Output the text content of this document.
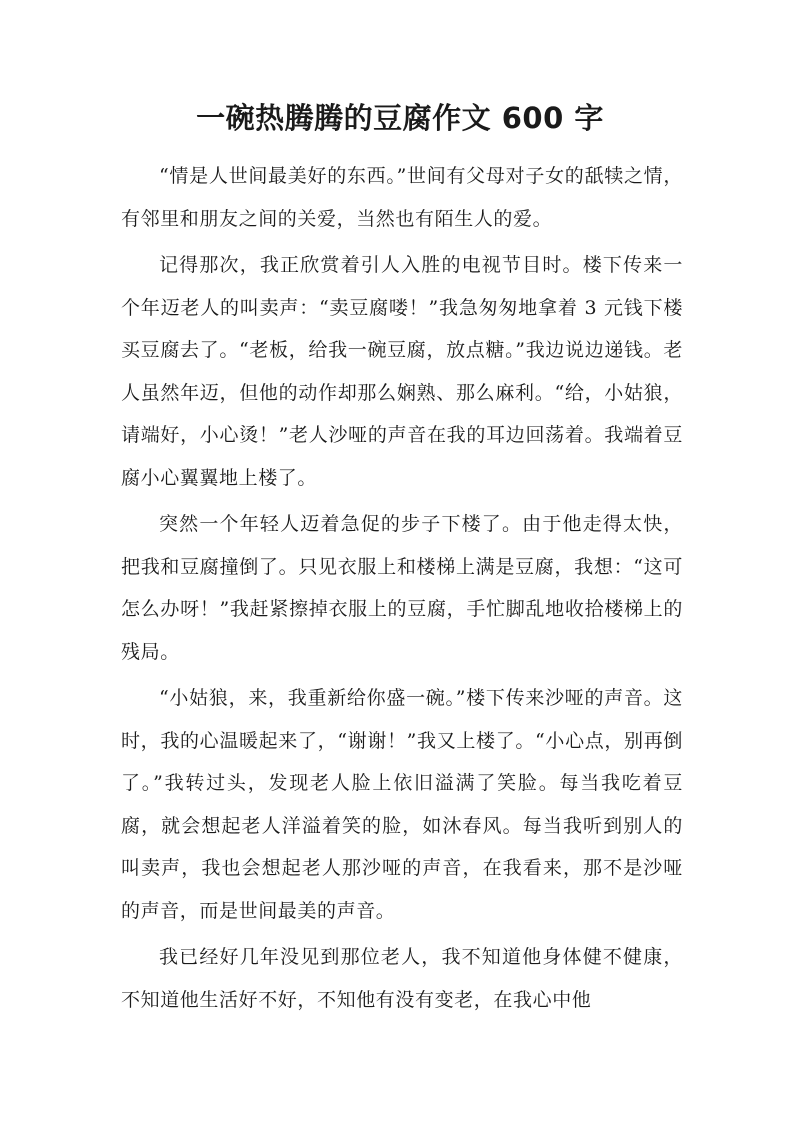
一碗热腾腾的豆腐作文 600 字

“情是人世间最美好的东西。”世间有父母对子女的舐犊之情，有邻里和朋友之间的关爱，当然也有陌生人的爱。

记得那次，我正欣赏着引人入胜的电视节目时。楼下传来一个年迈老人的叫卖声：“卖豆腐喽！”我急匆匆地拿着 3 元钱下楼买豆腐去了。“老板，给我一碗豆腐，放点糖。”我边说边递钱。老人虽然年迈，但他的动作却那么娴熟、那么麻利。“给，小姑狼，请端好，小心烫！”老人沙哑的声音在我的耳边回荡着。我端着豆腐小心翼翼地上楼了。

突然一个年轻人迈着急促的步子下楼了。由于他走得太快，把我和豆腐撞倒了。只见衣服上和楼梯上满是豆腐，我想：“这可怎么办呀！”我赶紧擦掉衣服上的豆腐，手忙脚乱地收拾楼梯上的残局。

“小姑狼，来，我重新给你盛一碗。”楼下传来沙哑的声音。这时，我的心温暖起来了，“谢谢！”我又上楼了。“小心点，别再倒了。”我转过头，发现老人脸上依旧溢满了笑脸。每当我吃着豆腐，就会想起老人洋溢着笑的脸，如沐春风。每当我听到别人的叫卖声，我也会想起老人那沙哑的声音，在我看来，那不是沙哑的声音，而是世间最美的声音。

我已经好几年没见到那位老人，我不知道他身体健不健康，不知道他生活好不好，不知他有没有变老，在我心中他
